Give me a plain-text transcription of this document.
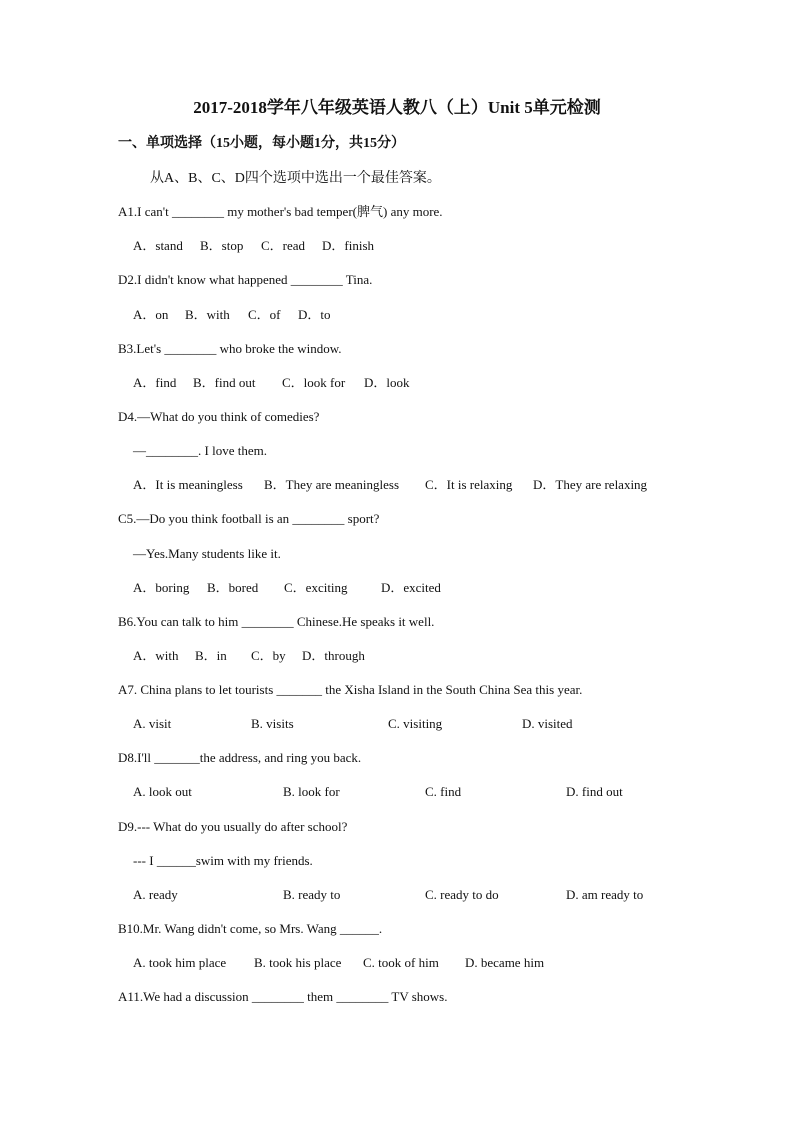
2017-2018学年八年级英语人教八（上）Unit 5单元检测
一、单项选择（15小题，每小题1分，共15分）
从A、B、C、D四个选项中选出一个最佳答案。
A1.I can't ________ my mother's bad temper(脾气) any more.
A．stand B．stop C．read D．finish
D2.I didn't know what happened ________ Tina.
A．on B．with C．of D．to
B3.Let's ________ who broke the window.
A．find B．find out C．look for D．look
D4.—What do you think of comedies?
—________. I love them.
A．It is meaningless B．They are meaningless C．It is relaxing D．They are relaxing
C5.—Do you think football is an ________ sport?
—Yes.Many students like it.
A．boring B．bored C．exciting	D．excited
B6.You can talk to him ________ Chinese.He speaks it well.
A．with B．in C．by D．through
A7. China plans to let tourists _______ the Xisha Island in the South China Sea this year.
A. visit	B. visits	C. visiting	D. visited
D8.I'll _______the address, and ring you back.
A. look out	B. look for	C. find	D. find out
D9.--- What do you usually do after school?
--- I ______swim with my friends.
A. ready	B. ready to	C. ready to do	D. am ready to
B10.Mr. Wang didn't come, so Mrs. Wang ______.
A. took him place B. took his place C. took of him D. became him
A11.We had a discussion ________ them ________ TV shows.
